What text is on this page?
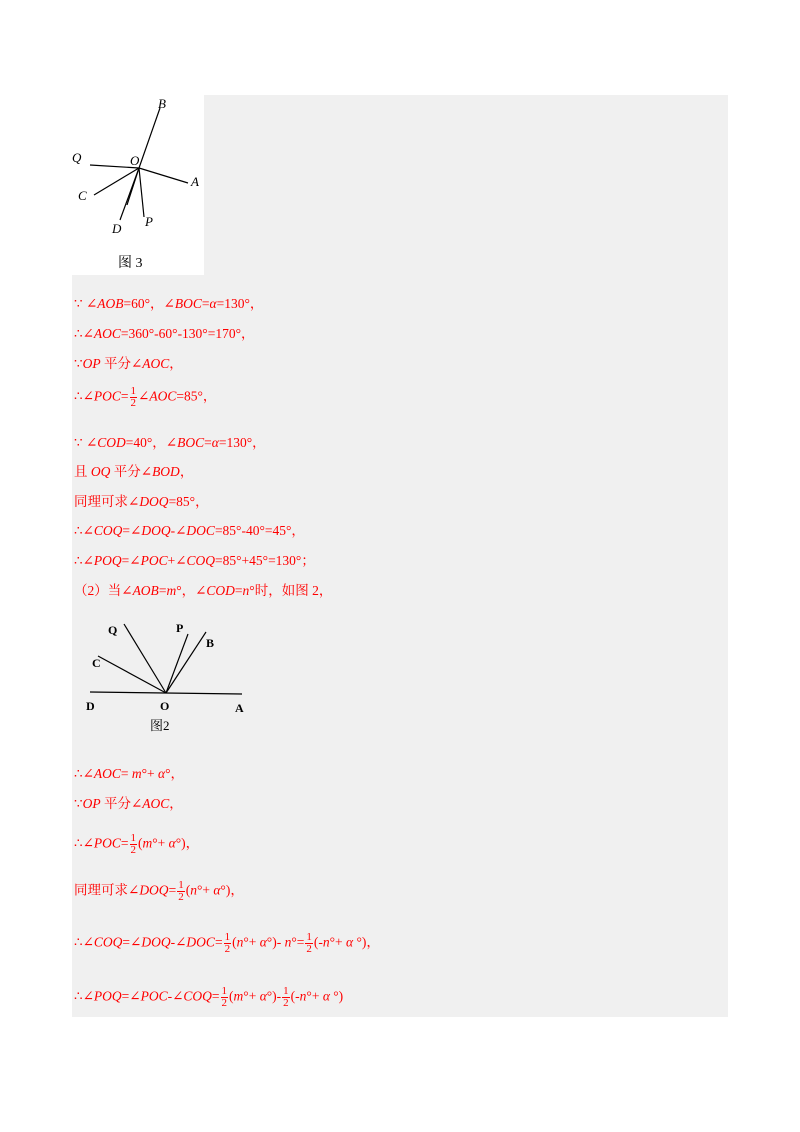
B
Q	O
A
C
D P
图 3
∵ ∠AOB=60°，∠BOC=α=130°，
∴∠AOC=360°-60°-130°=170°，
∵OP 平分∠AOC，
∴∠POC= $\frac{1}{2}$ ∠AOC=85°，
∵ ∠COD=40°，∠BOC=α=130°，
且 OQ 平分∠BOD，
同理可求∠DOQ=85°，
∴∠COQ=∠DOQ-∠DOC=85°-40°=45°，
∴∠POQ=∠POC+∠COQ=85°+45°=130°；
（2）当∠AOB=m°，∠COD=n°时，如图 2，
Q	P
B
C
D	O	A
图2
∴∠AOC= m°+ α°，
∵OP 平分∠AOC，
∴∠POC= $\frac{1}{2} (m^\circ+ \alpha^\circ)$，
同理可求∠DOQ= $\frac{1}{2} (n^\circ+ \alpha^\circ)$，
∴∠COQ=∠DOQ-∠DOC= $\frac{1}{2} (n^\circ+ \alpha^\circ)-$ $n^\circ= \frac{1}{2} (-n^\circ+ \alpha$ °)，
∴∠POQ=∠POC-∠COQ= $\frac{1}{2} (m^\circ+ \alpha^\circ)- \frac{1}{2} (-n^\circ+ \alpha$ °)
